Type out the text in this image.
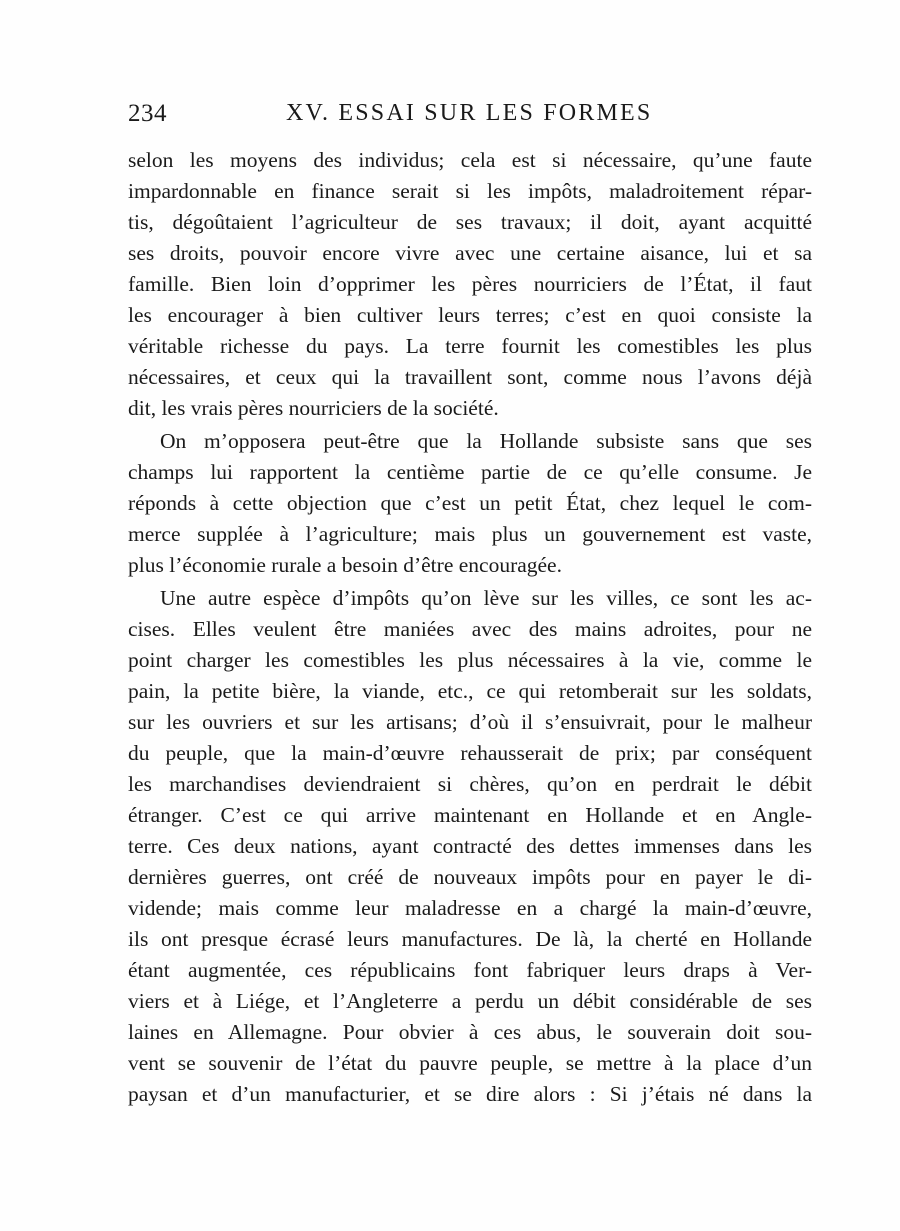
234	XV. ESSAI SUR LES FORMES
selon les moyens des individus; cela est si nécessaire, qu’une faute
impardonnable en finance serait si les impôts, maladroitement répar-
tis, dégoûtaient l’agriculteur de ses travaux; il doit, ayant acquitté
ses droits, pouvoir encore vivre avec une certaine aisance, lui et sa
famille. Bien loin d’opprimer les pères nourriciers de l’État, il faut
les encourager à bien cultiver leurs terres; c’est en quoi consiste la
véritable richesse du pays. La terre fournit les comestibles les plus
nécessaires, et ceux qui la travaillent sont, comme nous l’avons déjà
dit, les vrais pères nourriciers de la société.
On m’opposera peut-être que la Hollande subsiste sans que ses
champs lui rapportent la centième partie de ce qu’elle consume. Je
réponds à cette objection que c’est un petit État, chez lequel le com-
merce supplée à l’agriculture; mais plus un gouvernement est vaste,
plus l’économie rurale a besoin d’être encouragée.
Une autre espèce d’impôts qu’on lève sur les villes, ce sont les ac-
cises. Elles veulent être maniées avec des mains adroites, pour ne
point charger les comestibles les plus nécessaires à la vie, comme le
pain, la petite bière, la viande, etc., ce qui retomberait sur les soldats,
sur les ouvriers et sur les artisans; d’où il s’ensuivrait, pour le malheur
du peuple, que la main-d’œuvre rehausserait de prix; par conséquent
les marchandises deviendraient si chères, qu’on en perdrait le débit
étranger. C’est ce qui arrive maintenant en Hollande et en Angle-
terre. Ces deux nations, ayant contracté des dettes immenses dans les
dernières guerres, ont créé de nouveaux impôts pour en payer le di-
vidende; mais comme leur maladresse en a chargé la main-d’œuvre,
ils ont presque écrasé leurs manufactures. De là, la cherté en Hollande
étant augmentée, ces républicains font fabriquer leurs draps à Ver-
viers et à Liége, et l’Angleterre a perdu un débit considérable de ses
laines en Allemagne. Pour obvier à ces abus, le souverain doit sou-
vent se souvenir de l’état du pauvre peuple, se mettre à la place d’un
paysan et d’un manufacturier, et se dire alors : Si j’étais né dans la
